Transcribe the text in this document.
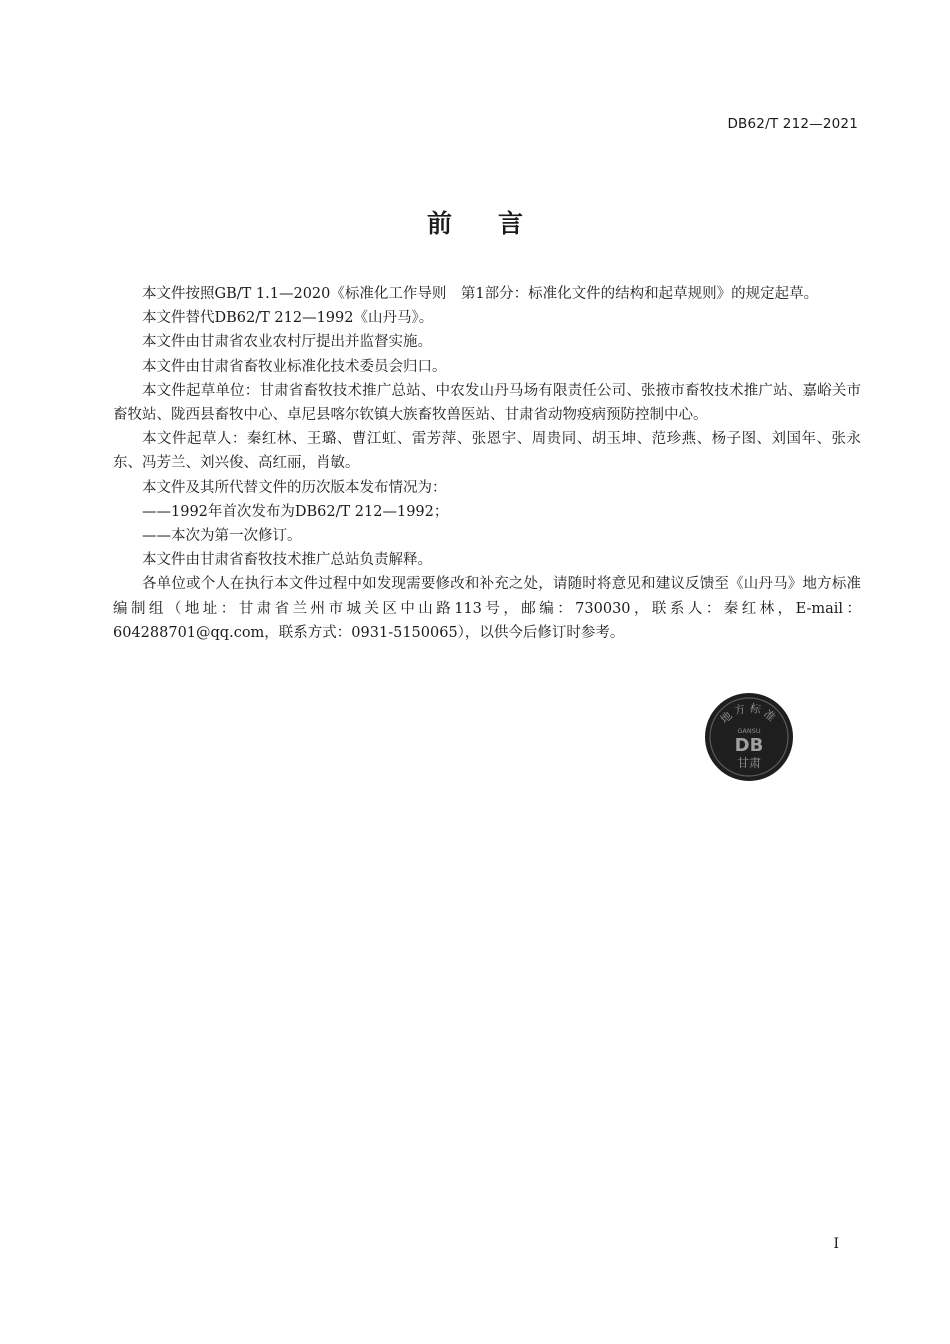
DB62/T 212—2021
前 言

本文件按照GB/T 1.1—2020《标准化工作导则　第1部分：标准化文件的结构和起草规则》的规定起草。

本文件替代DB62/T 212—1992《山丹马》。

本文件由甘肃省农业农村厅提出并监督实施。

本文件由甘肃省畜牧业标准化技术委员会归口。

本文件起草单位：甘肃省畜牧技术推广总站、中农发山丹马场有限责任公司、张掖市畜牧技术推广站、嘉峪关市畜牧站、陇西县畜牧中心、卓尼县喀尔钦镇大族畜牧兽医站、甘肃省动物疫病预防控制中心。

本文件起草人：秦红林、王璐、曹江虹、雷芳萍、张恩宇、周贵同、胡玉坤、范珍燕、杨子图、刘国年、张永东、冯芳兰、刘兴俊、高红丽，肖敏。

本文件及其所代替文件的历次版本发布情况为：

——1992年首次发布为DB62/T 212—1992；

——本次为第一次修订。

本文件由甘肃省畜牧技术推广总站负责解释。

各单位或个人在执行本文件过程中如发现需要修改和补充之处，请随时将意见和建议反馈至《山丹马》地方标准编制组（地址：甘肃省兰州市城关区中山路113号，邮编：730030，联系人：秦红林，E-mail：604288701@qq.com，联系方式：0931-5150065），以供今后修订时参考。

地方标准
GANSU
DB
甘肃
I
